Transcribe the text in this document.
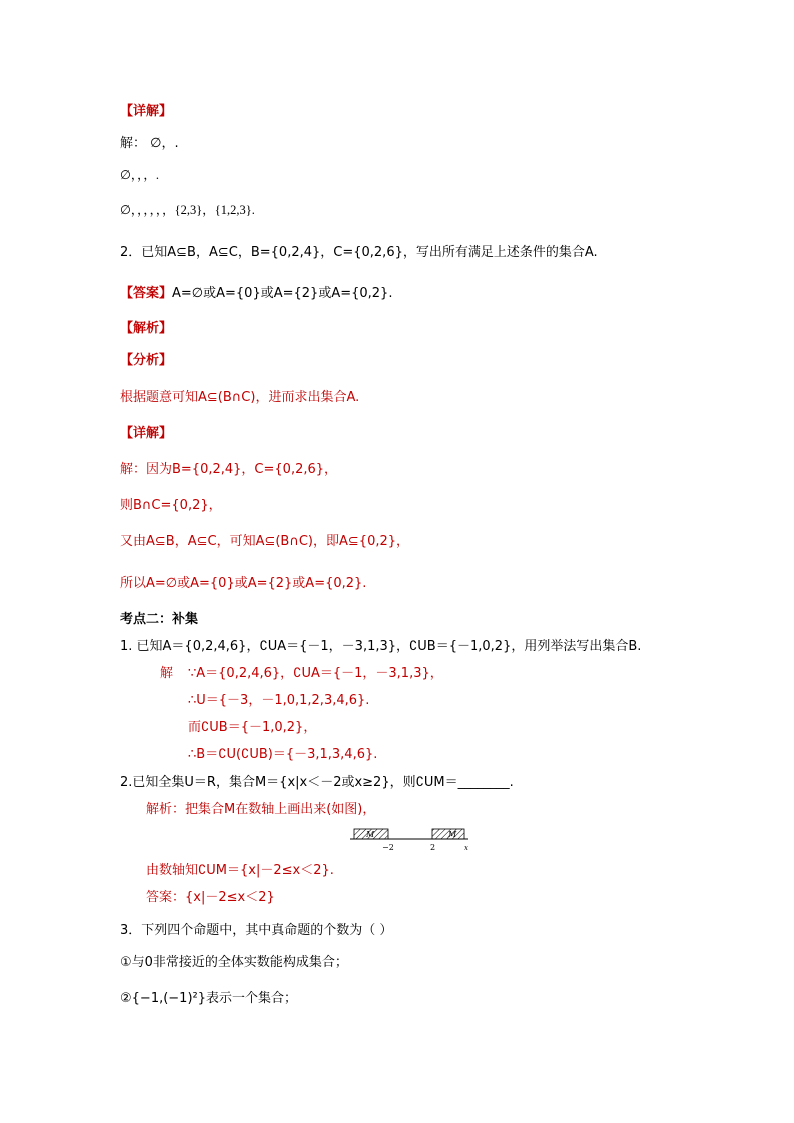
【详解】
解： ∅，.
∅，，，.
∅，，，，，，{2,3}，{1,2,3}.
2．已知A⊆B，A⊆C，B={0,2,4}，C={0,2,6}，写出所有满足上述条件的集合A.
【答案】A=∅或A={0}或A={2}或A={0,2}.
【解析】
【分析】
根据题意可知A⊆(B∩C)，进而求出集合A.
【详解】
解：因为B={0,2,4}，C={0,2,6}，
则B∩C={0,2}，
又由A⊆B，A⊆C，可知A⊆(B∩C)，即A⊆{0,2}，
所以A=∅或A={0}或A={2}或A={0,2}.
考点二：补集
1. 已知A＝{0,2,4,6}，∁UA＝{－1，－3,1,3}，∁UB＝{－1,0,2}，用列举法写出集合B.
解 ∵A＝{0,2,4,6}，∁UA＝{－1，－3,1,3}，
∴U＝{－3，－1,0,1,2,3,4,6}.
而∁UB＝{－1,0,2}，
∴B＝∁U(∁UB)＝{－3,1,3,4,6}.
2.已知全集U＝R，集合M＝{x|x＜－2或x≥2}，则∁UM＝________.
解析：把集合M在数轴上画出来(如图)，
M	M
−2	2	x
由数轴知∁UM＝{x|－2≤x＜2}.
答案：{x|－2≤x＜2}
3．下列四个命题中，其中真命题的个数为（ ）
①与0非常接近的全体实数能构成集合；
②{−1,(−1)²}表示一个集合；
